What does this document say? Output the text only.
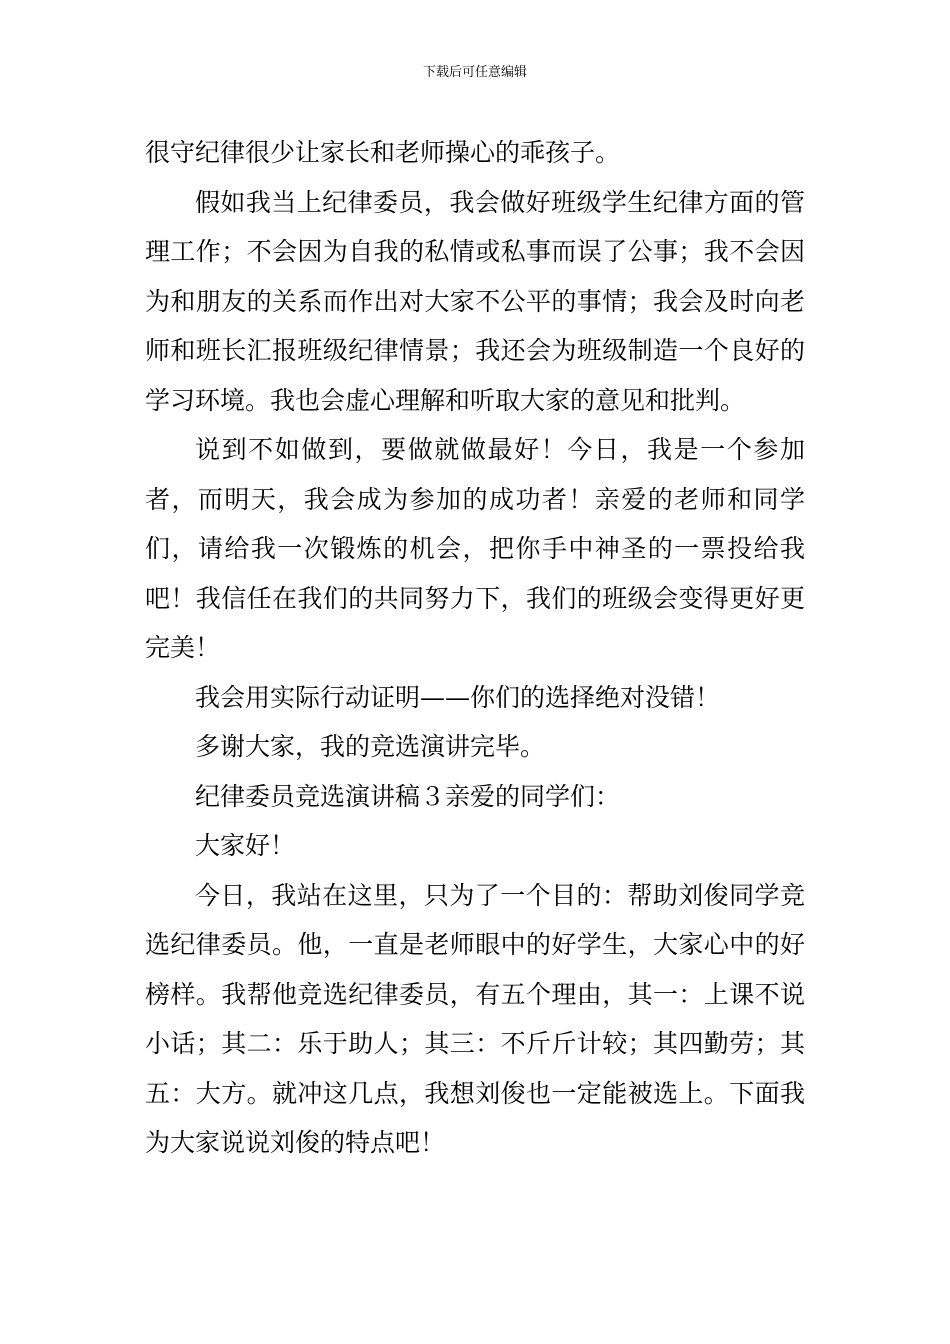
下载后可任意编辑

很守纪律很少让家长和老师操心的乖孩子。

假如我当上纪律委员，我会做好班级学生纪律方面的管理工作；不会因为自我的私情或私事而误了公事；我不会因为和朋友的关系而作出对大家不公平的事情；我会及时向老师和班长汇报班级纪律情景；我还会为班级制造一个良好的学习环境。我也会虚心理解和听取大家的意见和批判。

说到不如做到，要做就做最好！今日，我是一个参加者，而明天，我会成为参加的成功者！亲爱的老师和同学们，请给我一次锻炼的机会，把你手中神圣的一票投给我吧！我信任在我们的共同努力下，我们的班级会变得更好更完美！

我会用实际行动证明——你们的选择绝对没错！

多谢大家，我的竞选演讲完毕。

纪律委员竞选演讲稿３亲爱的同学们：

大家好！

今日，我站在这里，只为了一个目的：帮助刘俊同学竞选纪律委员。他，一直是老师眼中的好学生，大家心中的好榜样。我帮他竞选纪律委员，有五个理由，其一：上课不说小话；其二：乐于助人；其三：不斤斤计较；其四勤劳；其五：大方。就冲这几点，我想刘俊也一定能被选上。下面我为大家说说刘俊的特点吧！
